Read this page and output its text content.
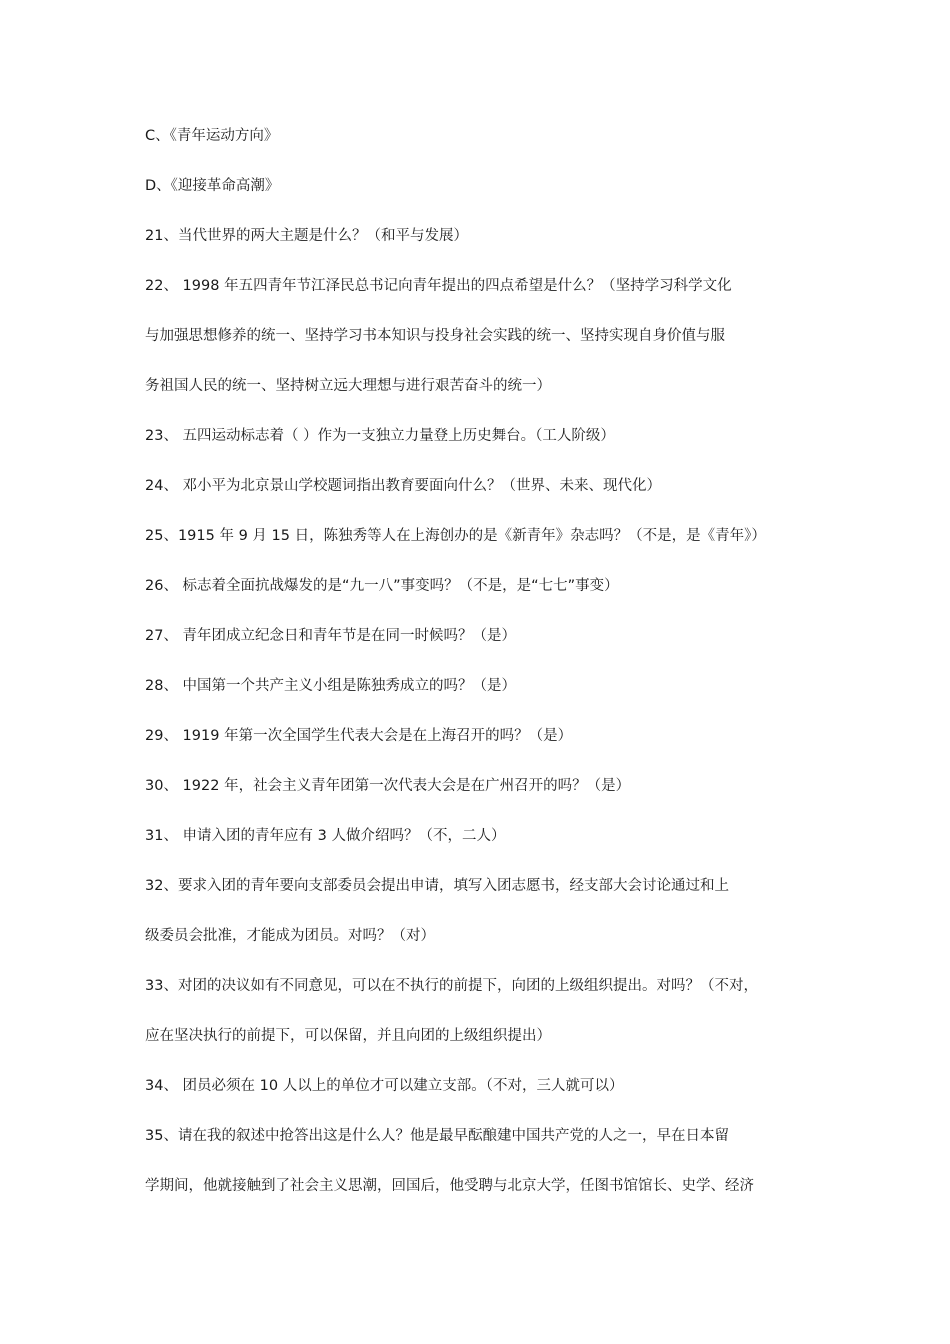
C、《青年运动方向》
D、《迎接革命高潮》
21、当代世界的两大主题是什么？（和平与发展）
22、 1998 年五四青年节江泽民总书记向青年提出的四点希望是什么？（坚持学习科学文化
与加强思想修养的统一、坚持学习书本知识与投身社会实践的统一、坚持实现自身价值与服
务祖国人民的统一、坚持树立远大理想与进行艰苦奋斗的统一）
23、 五四运动标志着（ ）作为一支独立力量登上历史舞台。（工人阶级）
24、 邓小平为北京景山学校题词指出教育要面向什么？（世界、未来、现代化）
25、1915 年 9 月 15 日，陈独秀等人在上海创办的是《新青年》杂志吗？（不是，是《青年》）
26、 标志着全面抗战爆发的是“九一八”事变吗？（不是，是“七七”事变）
27、 青年团成立纪念日和青年节是在同一时候吗？（是）
28、 中国第一个共产主义小组是陈独秀成立的吗？（是）
29、 1919 年第一次全国学生代表大会是在上海召开的吗？（是）
30、 1922 年，社会主义青年团第一次代表大会是在广州召开的吗？（是）
31、 申请入团的青年应有 3 人做介绍吗？（不，二人）
32、要求入团的青年要向支部委员会提出申请，填写入团志愿书，经支部大会讨论通过和上
级委员会批准，才能成为团员。对吗？（对）
33、对团的决议如有不同意见，可以在不执行的前提下，向团的上级组织提出。对吗？（不对，
应在坚决执行的前提下，可以保留，并且向团的上级组织提出）
34、 团员必须在 10 人以上的单位才可以建立支部。（不对，三人就可以）
35、请在我的叙述中抢答出这是什么人？他是最早酝酿建中国共产党的人之一，早在日本留
学期间，他就接触到了社会主义思潮，回国后，他受聘与北京大学，任图书馆馆长、史学、经济
